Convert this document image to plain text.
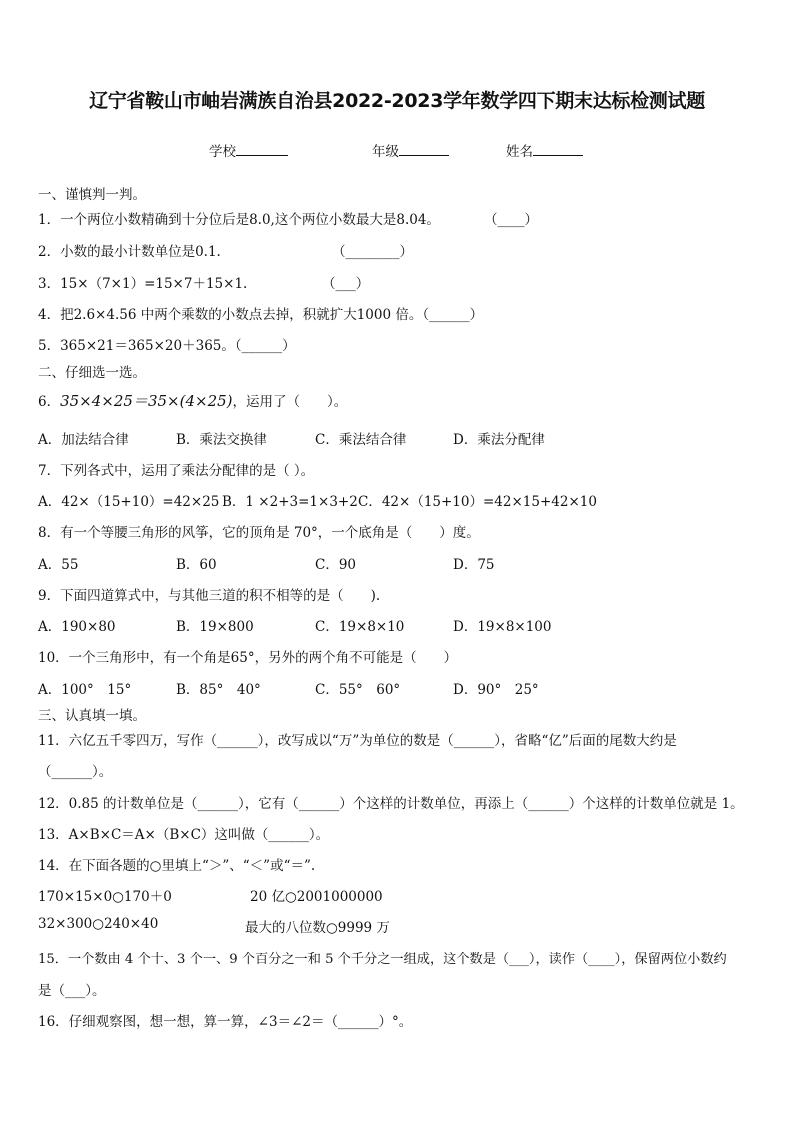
辽宁省鞍山市岫岩满族自治县2022-2023学年数学四下期末达标检测试题
学校	年级	姓名
一、谨慎判一判。
1．一个两位小数精确到十分位后是8.0,这个两位小数最大是8.04。	（____）
2．小数的最小计数单位是0.1.	（________）
3．15×（7×1）=15×7＋15×1.	（___）
4．把2.6×4.56 中两个乘数的小数点去掉，积就扩大1000 倍。（______）
5．365×21＝365×20＋365。（______）
二、仔细选一选。
6．35×4×25＝35×(4×25)，运用了（　　）。
A．加法结合律	B．乘法交换律	C．乘法结合律	D．乘法分配律
7．下列各式中，运用了乘法分配律的是（ ）。
A．42×（15+10）=42×25 B．1 ×2+3=1×3+2 C．42×（15+10）=42×15+42×10
8．有一个等腰三角形的风筝，它的顶角是 70°，一个底角是（　　）度。
A．55	B．60	C．90	D．75
9．下面四道算式中，与其他三道的积不相等的是（　　).
A．190×80	B．19×800	C．19×8×10	D．19×8×100
10．一个三角形中，有一个角是65°，另外的两个角不可能是（　　）
A．100°　15°	B．85°　40°	C．55°　60°	D．90°　25°
三、认真填一填。
11．六亿五千零四万，写作（______），改写成以“万”为单位的数是（______），省略“亿”后面的尾数大约是
（______）。
12．0.85 的计数单位是（______），它有（______）个这样的计数单位，再添上（______）个这样的计数单位就是 1。
13．A×B×C＝A×（B×C）这叫做（______）。
14．在下面各题的○里填上“＞”、“＜”或“＝”.
170×15×0○170＋0	20 亿○2001000000
32×300○240×40	最大的八位数○9999 万
15．一个数由 4 个十、3 个一、9 个百分之一和 5 个千分之一组成，这个数是（___），读作（____），保留两位小数约
是（___）。
16．仔细观察图，想一想，算一算，∠3＝∠2＝（______）°。
